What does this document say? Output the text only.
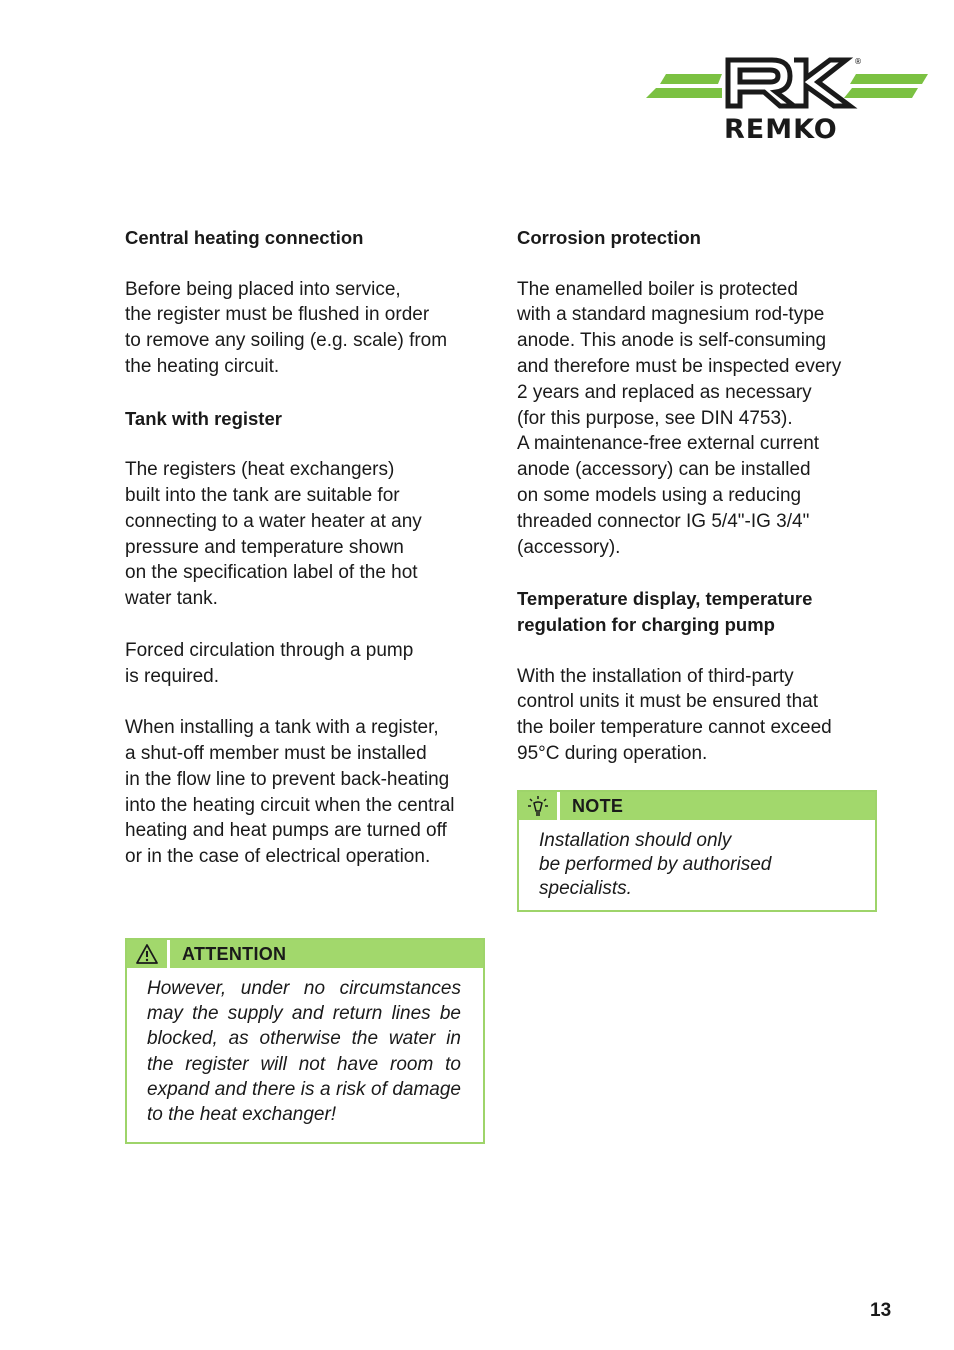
®
REMKO

Central heating connection

Before being placed into service,
the register must be flushed in order
to remove any soiling (e.g. scale) from
the heating circuit.

Tank with register

The registers (heat exchangers)
built into the tank are suitable for
connecting to a water heater at any
pressure and temperature shown
on the specification label of the hot
water tank.

Forced circulation through a pump
is required.

When installing a tank with a register,
a shut-off member must be installed
in the flow line to prevent back-heating
into the heating circuit when the central
heating and heat pumps are turned off
or in the case of electrical operation.

Corrosion protection

The enamelled boiler is protected
with a standard magnesium rod-type
anode. This anode is self-consuming
and therefore must be inspected every
2 years and replaced as necessary
(for this purpose, see DIN 4753).
A maintenance-free external current
anode (accessory) can be installed
on some models using a reducing
threaded connector IG 5/4"-IG 3/4"
(accessory).

Temperature display, temperature
regulation for charging pump

With the installation of third-party
control units it must be ensured that
the boiler temperature cannot exceed
95°C during operation.

NOTE
Installation should only
be performed by authorised
specialists.
ATTENTION
However, under no circumstances may the supply and return lines be blocked, as otherwise the water in the register will not have room to expand and there is a risk of damage to the heat exchanger!
13
